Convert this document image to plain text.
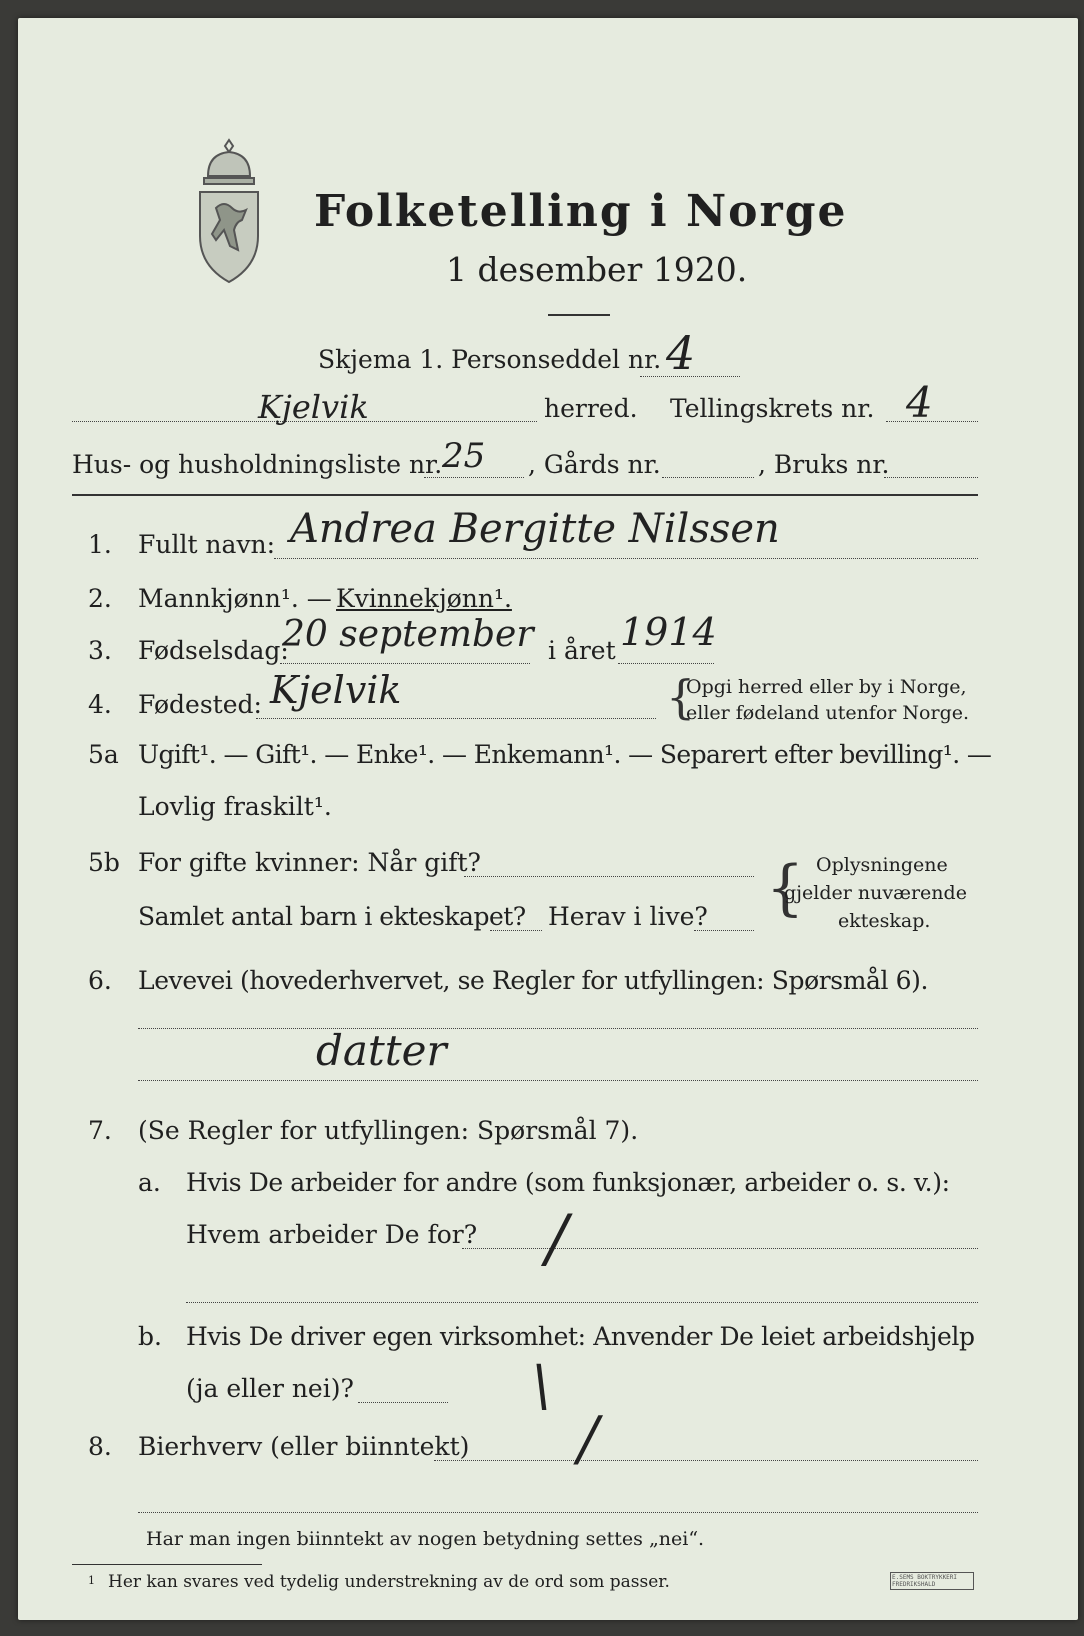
Folketelling i Norge
1 desember 1920.
Skjema 1. Personseddel nr. 4
Kjelvik	herred. Tellingskrets nr. 4
Hus- og husholdningsliste nr. 25 , Gårds nr.	, Bruks nr.
1. Fullt navn: Andrea Bergitte Nilssen
2. Mannkjønn¹. — Kvinnekjønn¹.
3. Fødselsdag:
20 september i året 1914
4. Fødested: Kjelvik	{
Opgi herred eller by i Norge,
eller fødeland utenfor Norge.
5a Ugift¹. — Gift¹. — Enke¹. — Enkemann¹. — Separert efter bevilling¹. —
Lovlig fraskilt¹.
5b For gifte kvinner: Når gift?
Samlet antal barn i ekteskapet? Herav i live? { Oplysningene
gjelder nuværende
ekteskap.
6. Levevei (hovederhvervet, se Regler for utfyllingen: Spørsmål 6).
datter
7. (Se Regler for utfyllingen: Spørsmål 7).
a. Hvis De arbeider for andre (som funksjonær, arbeider o. s. v.):
Hvem arbeider De for? /
b. Hvis De driver egen virksomhet: Anvender De leiet arbeidshjelp
(ja eller nei)?	\
8. Bierhverv (eller biinntekt) /
Har man ingen biinntekt av nogen betydning settes „nei“.
1 Her kan svares ved tydelig understrekning av de ord som passer.	E.SEMS BOKTRYKKERI FREDRIKSHALD
